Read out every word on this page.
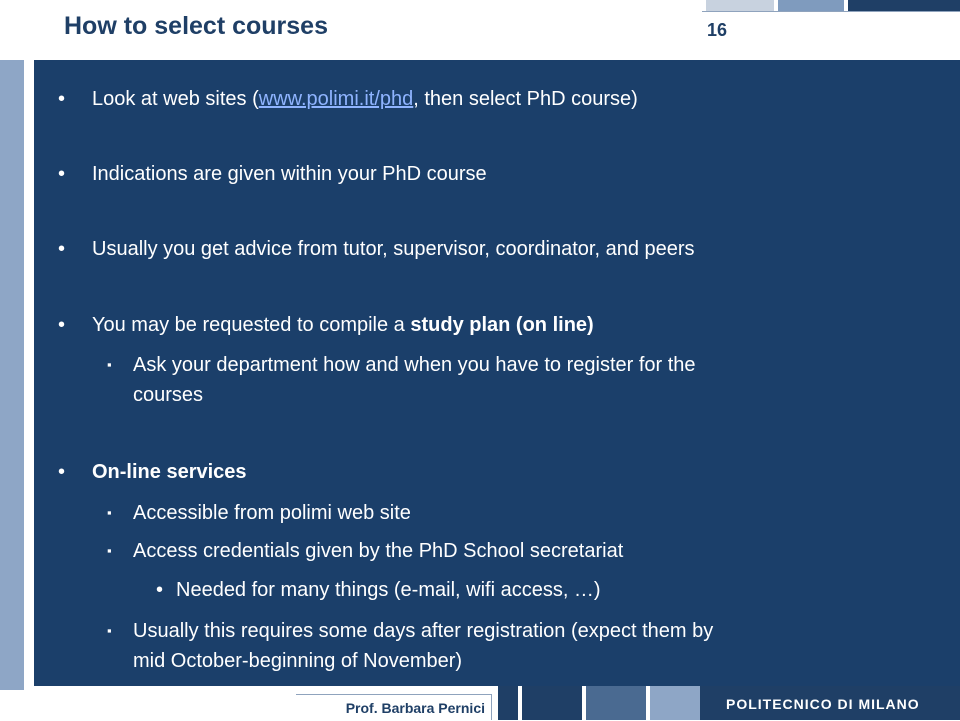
How to select courses	16
• Look at web sites (www.polimi.it/phd, then select PhD course)
• Indications are given within your PhD course
• Usually you get advice from tutor, supervisor, coordinator, and peers
• You may be requested to compile a study plan (on line)
▪ Ask your department how and when you have to register for the
courses
• On-line services
▪ Accessible from polimi web site
▪ Access credentials given by the PhD School secretariat
• Needed for many things (e-mail, wifi access, …)
▪ Usually this requires some days after registration (expect them by
mid October-beginning of November)
Prof. Barbara Pernici	POLITECNICO DI MILANO
